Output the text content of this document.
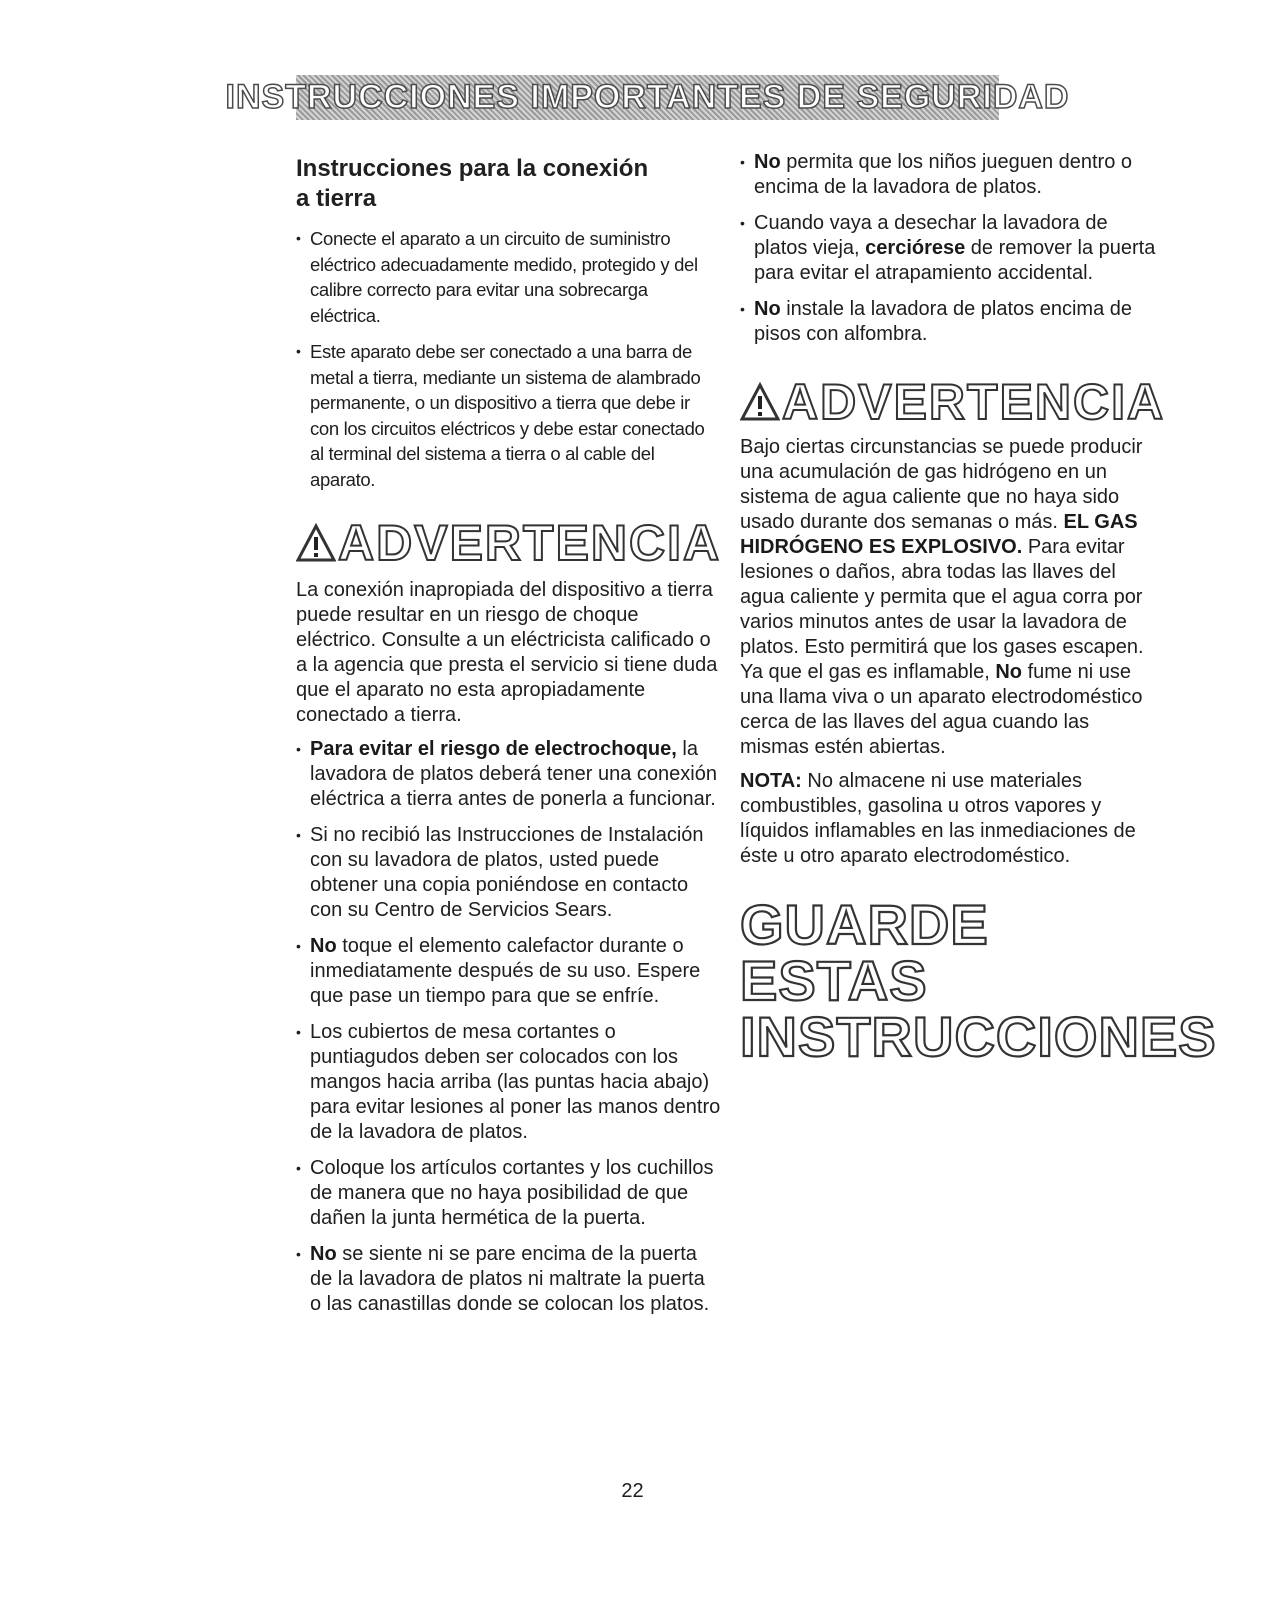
INSTRUCCIONES IMPORTANTES DE SEGURIDAD
Instrucciones para la conexión
a tierra
• Conecte el aparato a un circuito de suministro eléctrico adecuadamente medido, protegido y del calibre correcto para evitar una sobrecarga eléctrica.

• Este aparato debe ser conectado a una barra de metal a tierra, mediante un sistema de alambrado permanente, o un dispositivo a tierra que debe ir con los circuitos eléctricos y debe estar conectado al terminal del sistema a tierra o al cable del aparato.

ADVERTENCIA

La conexión inapropiada del dispositivo a tierra puede resultar en un riesgo de choque eléctrico. Consulte a un eléctricista calificado o a la agencia que presta el servicio si tiene duda que el aparato no esta apropiadamente conectado a tierra.

• Para evitar el riesgo de electrochoque, la lavadora de platos deberá tener una conexión eléctrica a tierra antes de ponerla a funcionar.

• Si no recibió las Instrucciones de Instalación con su lavadora de platos, usted puede obtener una copia poniéndose en contacto con su Centro de Servicios Sears.

• No toque el elemento calefactor durante o inmediatamente después de su uso. Espere que pase un tiempo para que se enfríe.

• Los cubiertos de mesa cortantes o puntiagudos deben ser colocados con los mangos hacia arriba (las puntas hacia abajo) para evitar lesiones al poner las manos dentro de la lavadora de platos.

• Coloque los artículos cortantes y los cuchillos de manera que no haya posibilidad de que dañen la junta hermética de la puerta.

• No se siente ni se pare encima de la puerta de la lavadora de platos ni maltrate la puerta o las canastillas donde se colocan los platos.

• No permita que los niños jueguen dentro o encima de la lavadora de platos.

• Cuando vaya a desechar la lavadora de platos vieja, cerciórese de remover la puerta para evitar el atrapamiento accidental.

• No instale la lavadora de platos encima de pisos con alfombra.

ADVERTENCIA

Bajo ciertas circunstancias se puede producir una acumulación de gas hidrógeno en un sistema de agua caliente que no haya sido usado durante dos semanas o más. EL GAS HIDRÓGENO ES EXPLOSIVO. Para evitar lesiones o daños, abra todas las llaves del agua caliente y permita que el agua corra por varios minutos antes de usar la lavadora de platos. Esto permitirá que los gases escapen. Ya que el gas es inflamable, No fume ni use una llama viva o un aparato electrodoméstico cerca de las llaves del agua cuando las mismas estén abiertas.

NOTA: No almacene ni use materiales combustibles, gasolina u otros vapores y líquidos inflamables en las inmediaciones de éste u otro aparato electrodoméstico.

GUARDE ESTAS
INSTRUCCIONES
22
